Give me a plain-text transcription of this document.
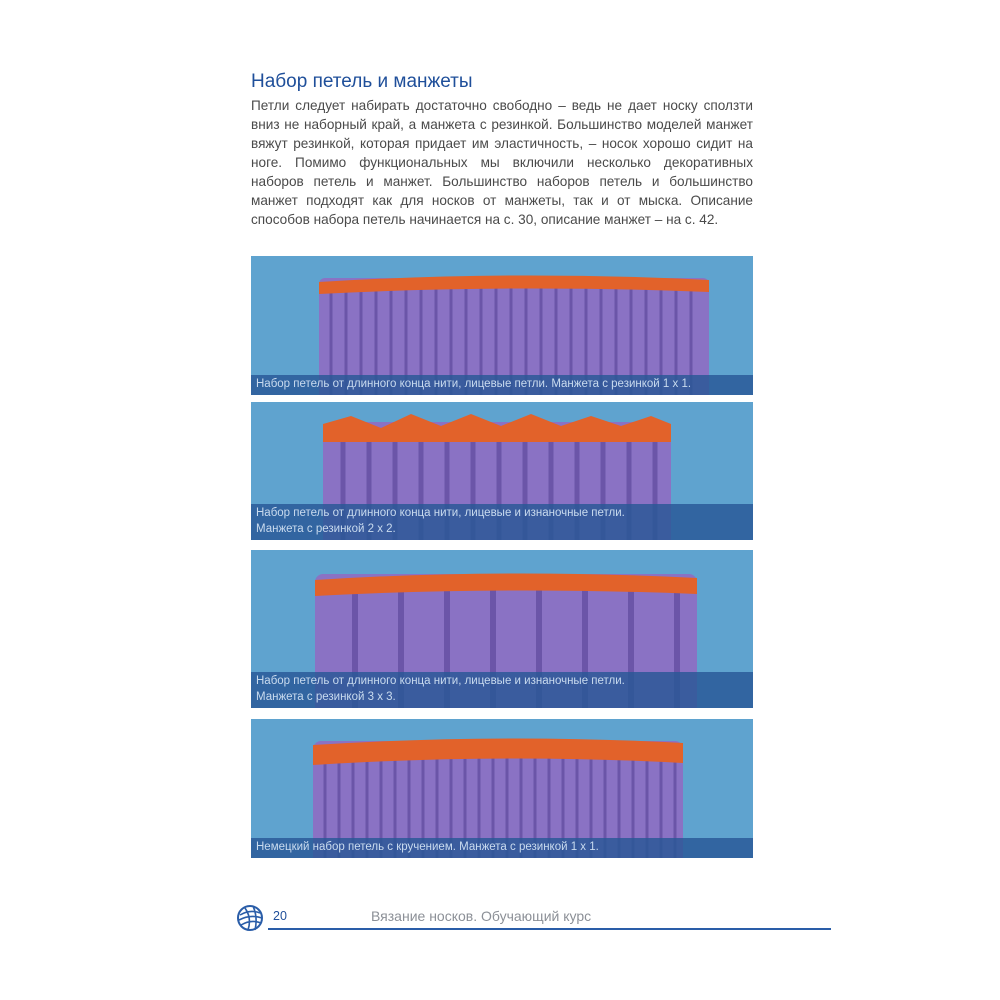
Набор петель и манжеты

Петли следует набирать достаточно свободно – ведь не дает носку сползти вниз не наборный край, а манжета с резинкой. Большинство моделей манжет вяжут резинкой, которая придает им эластичность, – носок хорошо сидит на ноге. Помимо функциональных мы включили несколько декоративных наборов петель и манжет. Большинство наборов петель и большинство манжет подходят как для носков от манжеты, так и от мыска. Описание способов набора петель начинается на с. 30, описание манжет – на с. 42.

Набор петель от длинного конца нити, лицевые петли. Манжета с резинкой 1 х 1.
Набор петель от длинного конца нити, лицевые и изнаночные петли.
Манжета с резинкой 2 х 2.
Набор петель от длинного конца нити, лицевые и изнаночные петли.
Манжета с резинкой 3 х 3.
Немецкий набор петель с кручением. Манжета с резинкой 1 х 1.
20	Вязание носков. Обучающий курс
